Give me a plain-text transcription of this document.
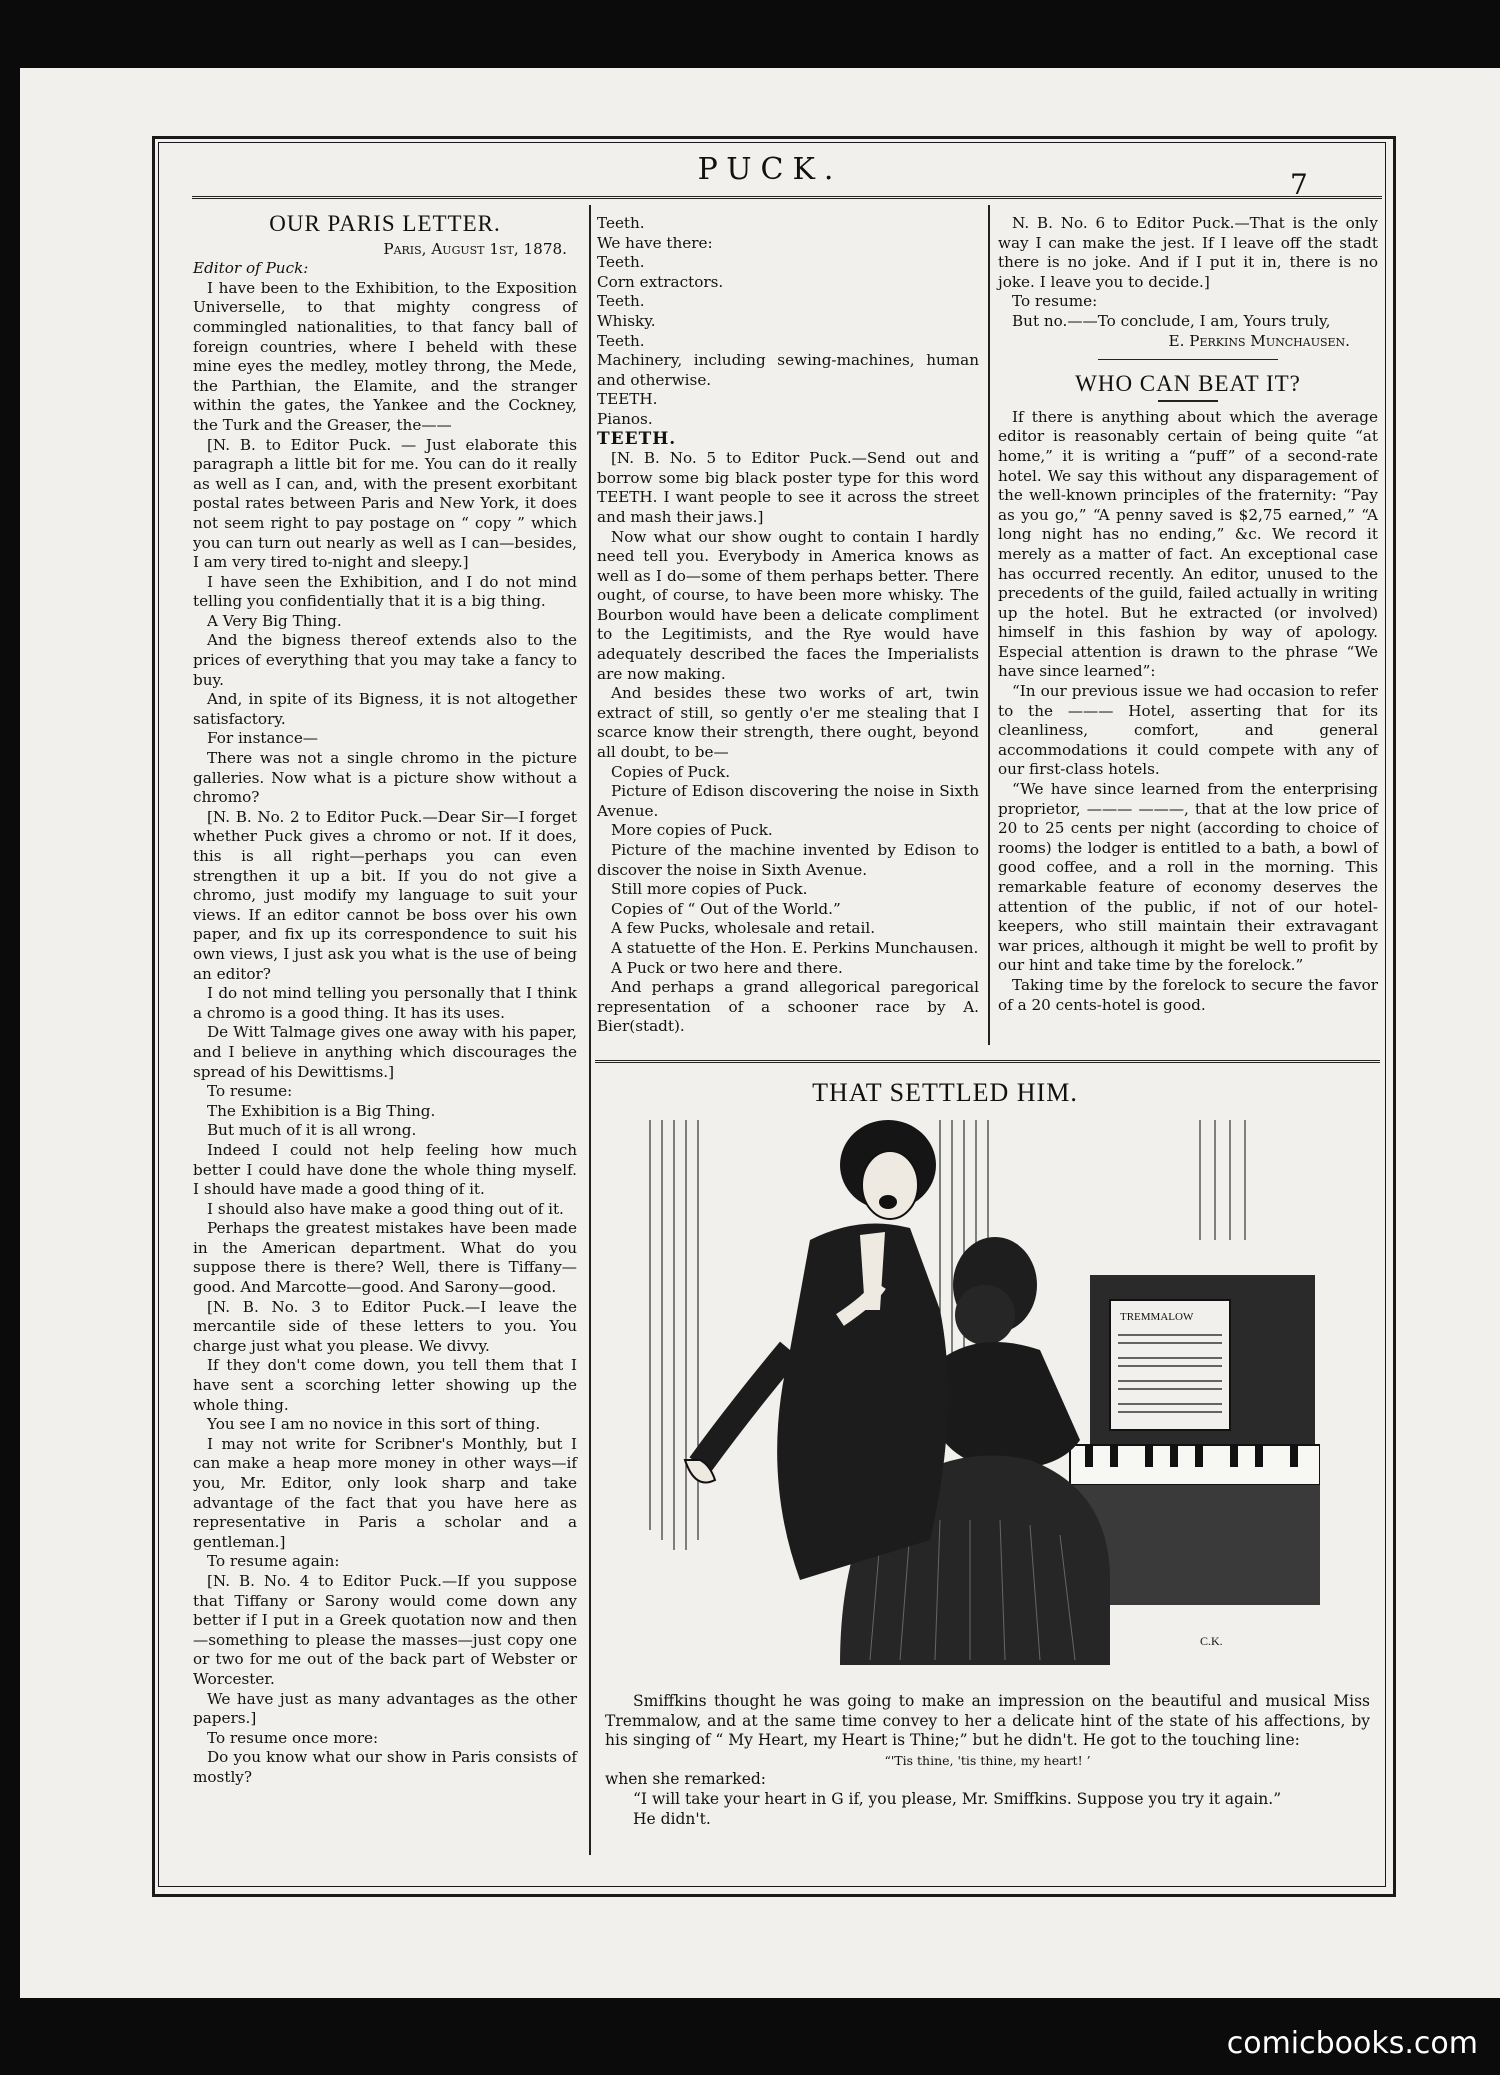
PUCK.	7
OUR PARIS LETTER.

Paris, August 1st, 1878.

Editor of Puck:

I have been to the Exhibition, to the Exposition Universelle, to that mighty congress of commingled nationalities, to that fancy ball of foreign countries, where I beheld with these mine eyes the medley, motley throng, the Mede, the Parthian, the Elamite, and the stranger within the gates, the Yankee and the Cockney, the Turk and the Greaser, the——

[N. B. to Editor Puck. — Just elaborate this paragraph a little bit for me. You can do it really as well as I can, and, with the present exorbitant postal rates between Paris and New York, it does not seem right to pay postage on “ copy ” which you can turn out nearly as well as I can—besides, I am very tired to-night and sleepy.]

I have seen the Exhibition, and I do not mind telling you confidentially that it is a big thing.

A Very Big Thing.

And the bigness thereof extends also to the prices of everything that you may take a fancy to buy.

And, in spite of its Bigness, it is not altogether satisfactory.

For instance—

There was not a single chromo in the picture galleries. Now what is a picture show without a chromo?

[N. B. No. 2 to Editor Puck.—Dear Sir—I forget whether Puck gives a chromo or not. If it does, this is all right—perhaps you can even strengthen it up a bit. If you do not give a chromo, just modify my language to suit your views. If an editor cannot be boss over his own paper, and fix up its correspondence to suit his own views, I just ask you what is the use of being an editor?

I do not mind telling you personally that I think a chromo is a good thing. It has its uses.

De Witt Talmage gives one away with his paper, and I believe in anything which discourages the spread of his Dewittisms.]

To resume:

The Exhibition is a Big Thing.

But much of it is all wrong.

Indeed I could not help feeling how much better I could have done the whole thing myself. I should have made a good thing of it.

I should also have make a good thing out of it.

Perhaps the greatest mistakes have been made in the American department. What do you suppose there is there? Well, there is Tiffany—good. And Marcotte—good. And Sarony—good.

[N. B. No. 3 to Editor Puck.—I leave the mercantile side of these letters to you. You charge just what you please. We divvy.

If they don't come down, you tell them that I have sent a scorching letter showing up the whole thing.

You see I am no novice in this sort of thing.

I may not write for Scribner's Monthly, but I can make a heap more money in other ways—if you, Mr. Editor, only look sharp and take advantage of the fact that you have here as representative in Paris a scholar and a gentleman.]

To resume again:

[N. B. No. 4 to Editor Puck.—If you suppose that Tiffany or Sarony would come down any better if I put in a Greek quotation now and then—something to please the masses—just copy one or two for me out of the back part of Webster or Worcester.

We have just as many advantages as the other papers.]

To resume once more:

Do you know what our show in Paris consists of mostly?

Teeth.

We have there:

Teeth.

Corn extractors.

Teeth.

Whisky.

Teeth.

Machinery, including sewing-machines, human and otherwise.

TEETH.

Pianos.

TEETH.

[N. B. No. 5 to Editor Puck.—Send out and borrow some big black poster type for this word TEETH. I want people to see it across the street and mash their jaws.]

Now what our show ought to contain I hardly need tell you. Everybody in America knows as well as I do—some of them perhaps better. There ought, of course, to have been more whisky. The Bourbon would have been a delicate compliment to the Legitimists, and the Rye would have adequately described the faces the Imperialists are now making.

And besides these two works of art, twin extract of still, so gently o'er me stealing that I scarce know their strength, there ought, beyond all doubt, to be—

Copies of Puck.

Picture of Edison discovering the noise in Sixth Avenue.

More copies of Puck.

Picture of the machine invented by Edison to discover the noise in Sixth Avenue.

Still more copies of Puck.

Copies of “ Out of the World.”

A few Pucks, wholesale and retail.

A statuette of the Hon. E. Perkins Munchausen.

A Puck or two here and there.

And perhaps a grand allegorical paregorical representation of a schooner race by A. Bier(stadt).

N. B. No. 6 to Editor Puck.—That is the only way I can make the jest. If I leave off the stadt there is no joke. And if I put it in, there is no joke. I leave you to decide.]

To resume:

But no.——To conclude, I am, Yours truly,

E. Perkins Munchausen.

WHO CAN BEAT IT?

If there is anything about which the average editor is reasonably certain of being quite “at home,” it is writing a “puff” of a second-rate hotel. We say this without any disparagement of the well-known principles of the fraternity: “Pay as you go,” “A penny saved is $2,75 earned,” “A long night has no ending,” &c. We record it merely as a matter of fact. An exceptional case has occurred recently. An editor, unused to the precedents of the guild, failed actually in writing up the hotel. But he extracted (or involved) himself in this fashion by way of apology. Especial attention is drawn to the phrase “We have since learned”:

“In our previous issue we had occasion to refer to the ——— Hotel, asserting that for its cleanliness, comfort, and general accommodations it could compete with any of our first-class hotels.

“We have since learned from the enterprising proprietor, ——— ———, that at the low price of 20 to 25 cents per night (according to choice of rooms) the lodger is entitled to a bath, a bowl of good coffee, and a roll in the morning. This remarkable feature of economy deserves the attention of the public, if not of our hotel-keepers, who still maintain their extravagant war prices, although it might be well to profit by our hint and take time by the forelock.”

Taking time by the forelock to secure the favor of a 20 cents-hotel is good.

THAT SETTLED HIM.
TREMMALOW
C.K.

Smiffkins thought he was going to make an impression on the beautiful and musical Miss Tremmalow, and at the same time convey to her a delicate hint of the state of his affections, by his singing of “ My Heart, my Heart is Thine;” but he didn't. He got to the touching line:

“'Tis thine, 'tis thine, my heart! ’

when she remarked:

“I will take your heart in G if, you please, Mr. Smiffkins. Suppose you try it again.”

He didn't.

comicbooks.com
